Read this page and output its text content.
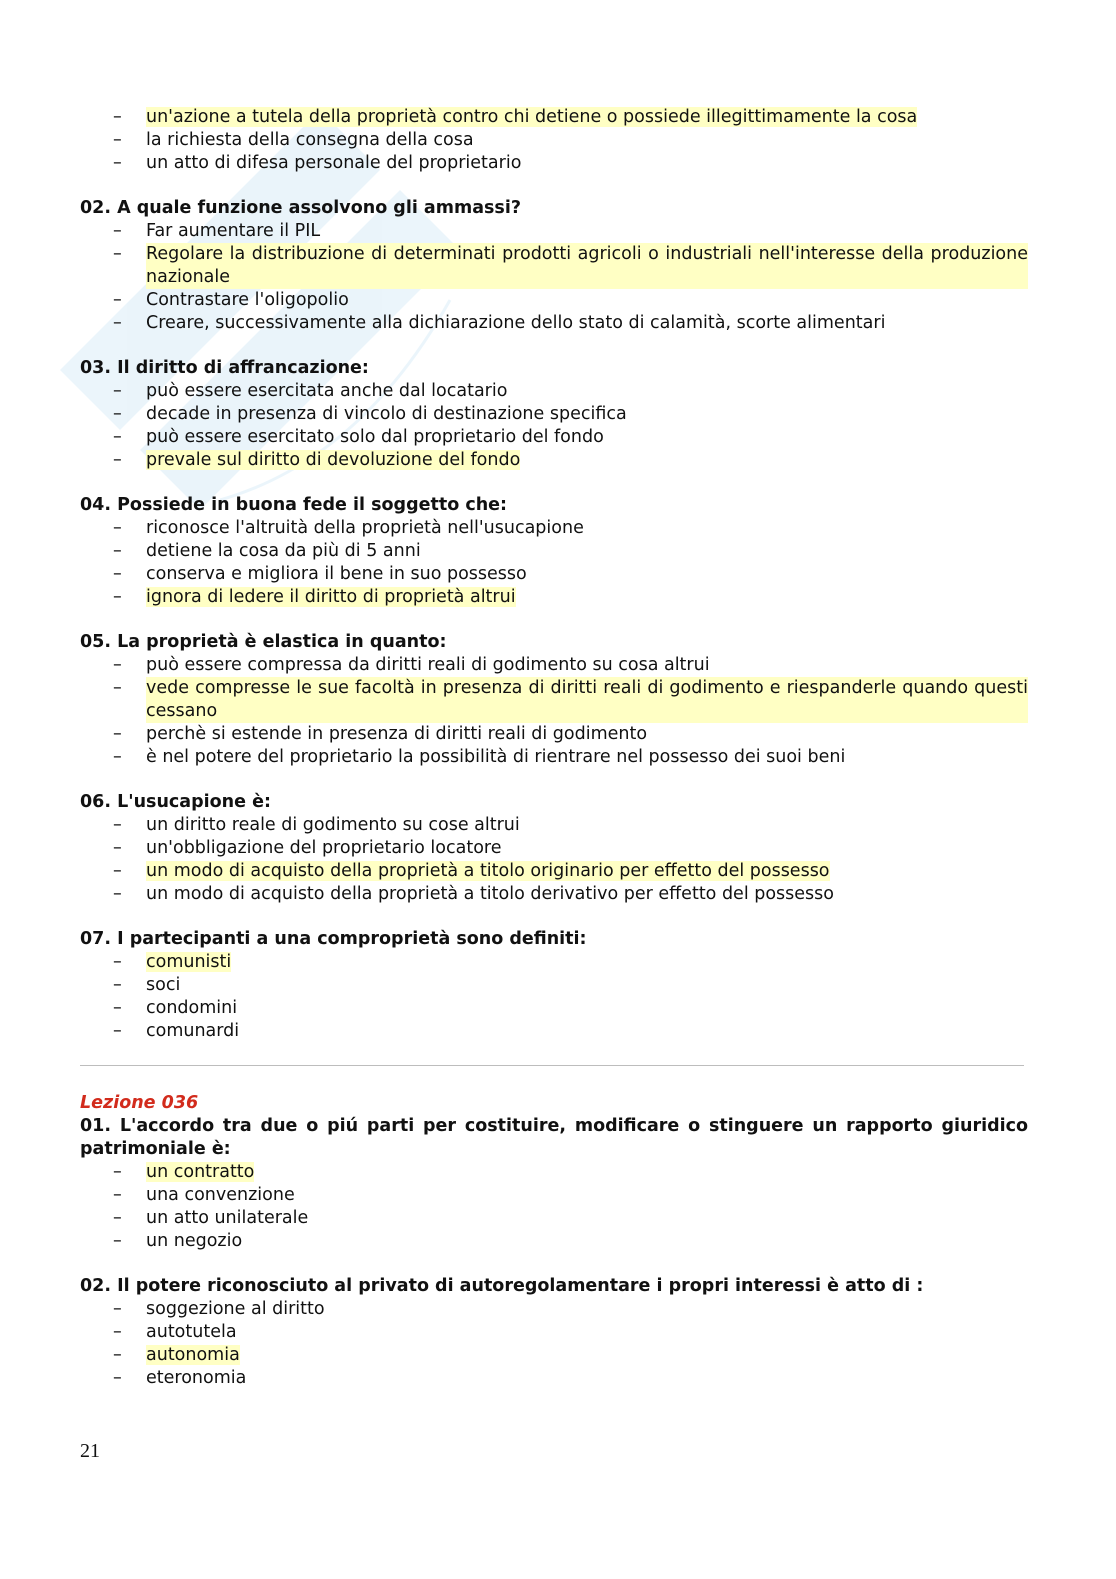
– un'azione a tutela della proprietà contro chi detiene o possiede illegittimamente la cosa
– la richiesta della consegna della cosa
– un atto di difesa personale del proprietario

02. A quale funzione assolvono gli ammassi?

– Far aumentare il PIL
– Regolare la distribuzione di determinati prodotti agricoli o industriali nell'interesse della produzione nazionale
– Contrastare l'oligopolio
– Creare, successivamente alla dichiarazione dello stato di calamità, scorte alimentari

03. Il diritto di affrancazione:

– può essere esercitata anche dal locatario
– decade in presenza di vincolo di destinazione specifica
– può essere esercitato solo dal proprietario del fondo
– prevale sul diritto di devoluzione del fondo

04. Possiede in buona fede il soggetto che:

– riconosce l'altruità della proprietà nell'usucapione
– detiene la cosa da più di 5 anni
– conserva e migliora il bene in suo possesso
– ignora di ledere il diritto di proprietà altrui

05. La proprietà è elastica in quanto:

– può essere compressa da diritti reali di godimento su cosa altrui
– vede compresse le sue facoltà in presenza di diritti reali di godimento e riespanderle quando questi cessano
– perchè si estende in presenza di diritti reali di godimento
– è nel potere del proprietario la possibilità di rientrare nel possesso dei suoi beni

06. L'usucapione è:

– un diritto reale di godimento su cose altrui
– un'obbligazione del proprietario locatore
– un modo di acquisto della proprietà a titolo originario per effetto del possesso
– un modo di acquisto della proprietà a titolo derivativo per effetto del possesso

07. I partecipanti a una comproprietà sono definiti:

– comunisti
– soci
– condomini
– comunardi

Lezione 036

01. L'accordo tra due o piú parti per costituire, modificare o stinguere un rapporto giuridico patrimoniale è:

– un contratto
– una convenzione
– un atto unilaterale
– un negozio

02. Il potere riconosciuto al privato di autoregolamentare i propri interessi è atto di :

– soggezione al diritto
– autotutela
– autonomia
– eteronomia
21
